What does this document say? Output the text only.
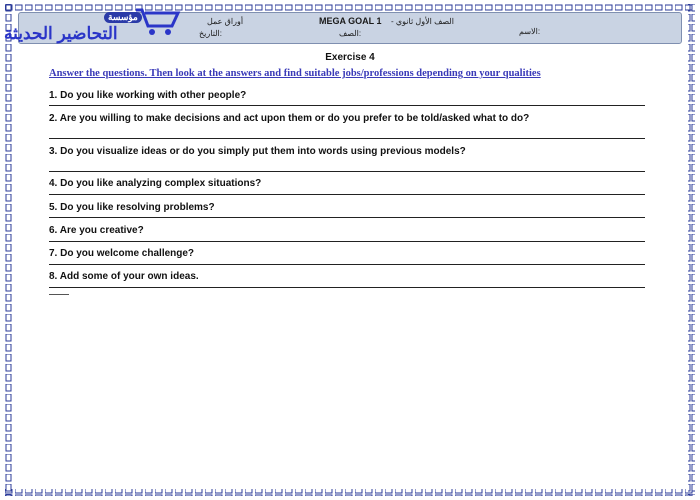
أوراق عمل	MEGA GOAL 1 - الصف الأول ثانوي
التاريخ:	الصف:	الاسم:
مؤسسة
التحاضير الحديثة
Exercise 4
Answer the questions. Then look at the answers and find suitable jobs/professions depending on your qualities
1. Do you like working with other people?
2. Are you willing to make decisions and act upon them or do you prefer to be told/asked what to do?
3. Do you visualize ideas or do you simply put them into words using previous models?
4. Do you like analyzing complex situations?
5. Do you like resolving problems?
6. Are you creative?
7. Do you welcome challenge?
8. Add some of your own ideas.
